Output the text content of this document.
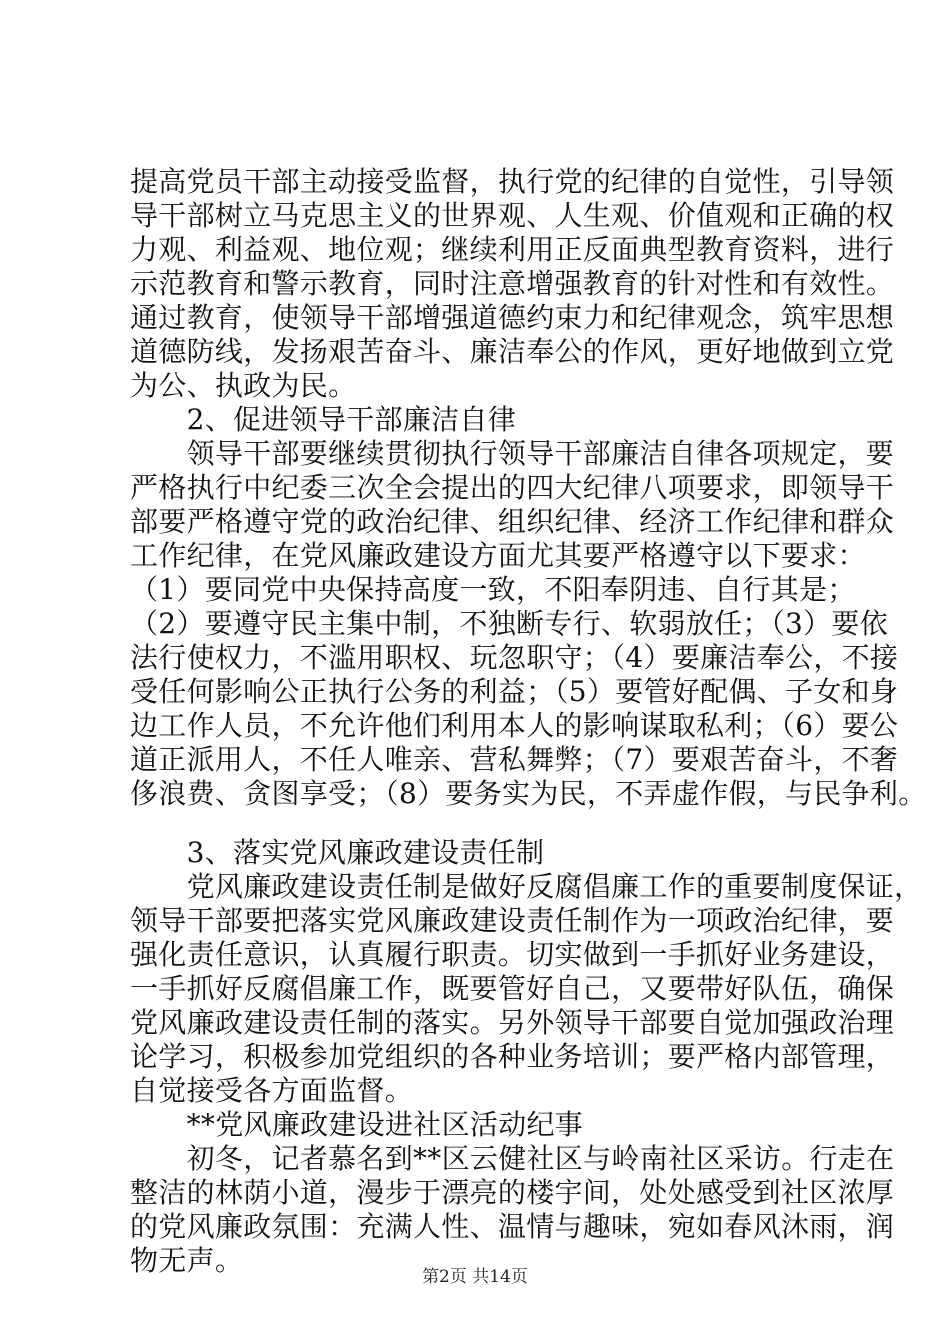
提高党员干部主动接受监督，执行党的纪律的自觉性，引导领
导干部树立马克思主义的世界观、人生观、价值观和正确的权
力观、利益观、地位观；继续利用正反面典型教育资料，进行
示范教育和警示教育，同时注意增强教育的针对性和有效性。
通过教育，使领导干部增强道德约束力和纪律观念，筑牢思想
道德防线，发扬艰苦奋斗、廉洁奉公的作风，更好地做到立党
为公、执政为民。
　　2、促进领导干部廉洁自律
　　领导干部要继续贯彻执行领导干部廉洁自律各项规定，要
严格执行中纪委三次全会提出的四大纪律八项要求，即领导干
部要严格遵守党的政治纪律、组织纪律、经济工作纪律和群众
工作纪律，在党风廉政建设方面尤其要严格遵守以下要求：
（1）要同党中央保持高度一致，不阳奉阴违、自行其是；
（2）要遵守民主集中制，不独断专行、软弱放任；（3）要依
法行使权力，不滥用职权、玩忽职守；（4）要廉洁奉公，不接
受任何影响公正执行公务的利益；（5）要管好配偶、子女和身
边工作人员，不允许他们利用本人的影响谋取私利；（6）要公
道正派用人，不任人唯亲、营私舞弊；（7）要艰苦奋斗，不奢
侈浪费、贪图享受；（8）要务实为民，不弄虚作假，与民争利。
　　3、落实党风廉政建设责任制
　　党风廉政建设责任制是做好反腐倡廉工作的重要制度保证，
领导干部要把落实党风廉政建设责任制作为一项政治纪律，要
强化责任意识，认真履行职责。切实做到一手抓好业务建设，
一手抓好反腐倡廉工作，既要管好自己，又要带好队伍，确保
党风廉政建设责任制的落实。另外领导干部要自觉加强政治理
论学习，积极参加党组织的各种业务培训；要严格内部管理，
自觉接受各方面监督。
　　**党风廉政建设进社区活动纪事
　　初冬，记者慕名到**区云健社区与岭南社区采访。行走在
整洁的林荫小道，漫步于漂亮的楼宇间，处处感受到社区浓厚
的党风廉政氛围：充满人性、温情与趣味，宛如春风沐雨，润
物无声。	第2页 共14页
